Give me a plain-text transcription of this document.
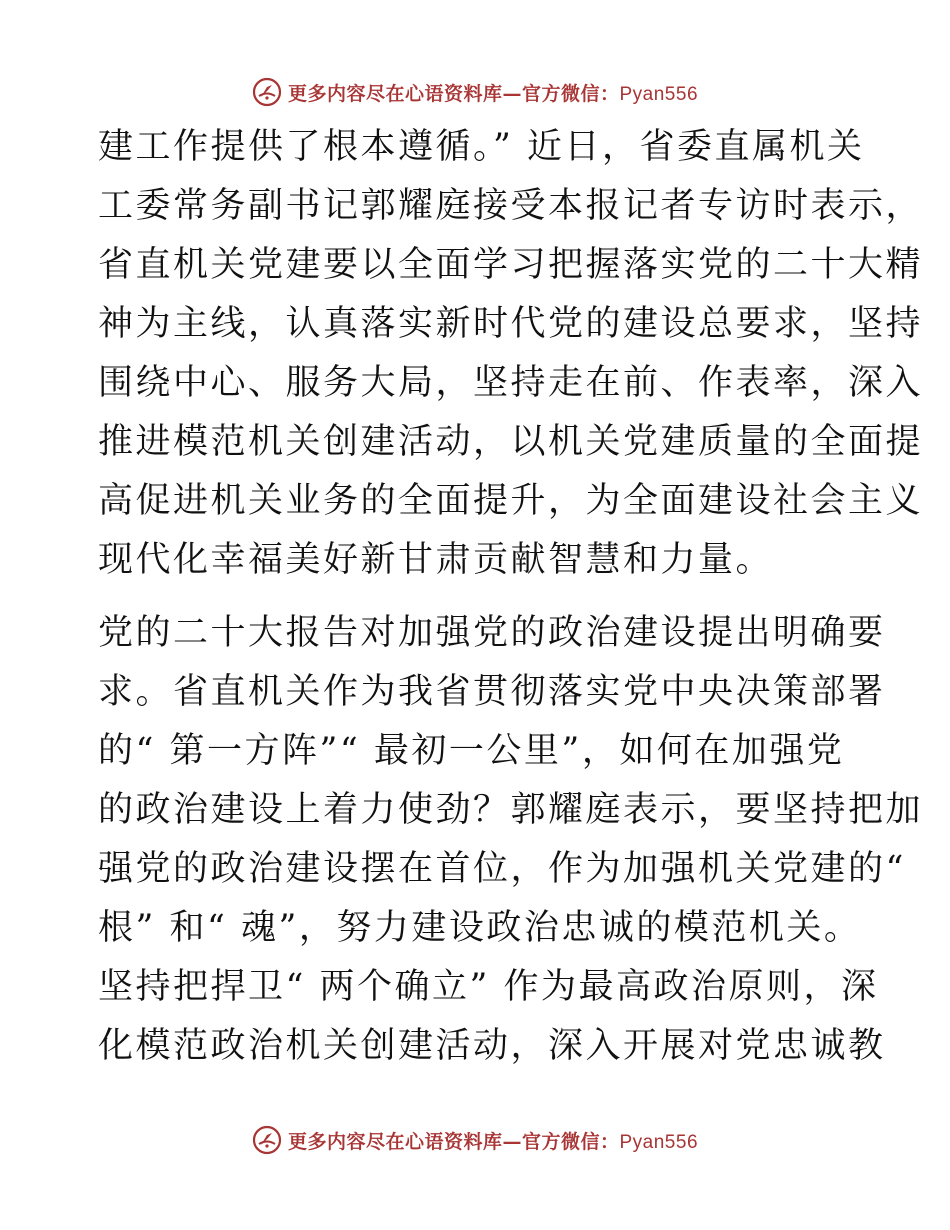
更多内容尽在心语资料库—官方微信：Pyan556

建工作提供了根本遵循。” 近日，省委直属机关
工委常务副书记郭耀庭接受本报记者专访时表示，
省直机关党建要以全面学习把握落实党的二十大精
神为主线，认真落实新时代党的建设总要求，坚持
围绕中心、服务大局，坚持走在前、作表率，深入
推进模范机关创建活动，以机关党建质量的全面提
高促进机关业务的全面提升，为全面建设社会主义
现代化幸福美好新甘肃贡献智慧和力量。

党的二十大报告对加强党的政治建设提出明确要
求。省直机关作为我省贯彻落实党中央决策部署
的“ 第一方阵”“ 最初一公里”，如何在加强党
的政治建设上着力使劲？郭耀庭表示，要坚持把加
强党的政治建设摆在首位，作为加强机关党建的“
根” 和“ 魂”，努力建设政治忠诚的模范机关。
坚持把捍卫“ 两个确立” 作为最高政治原则，深
化模范政治机关创建活动，深入开展对党忠诚教

更多内容尽在心语资料库—官方微信：Pyan556
